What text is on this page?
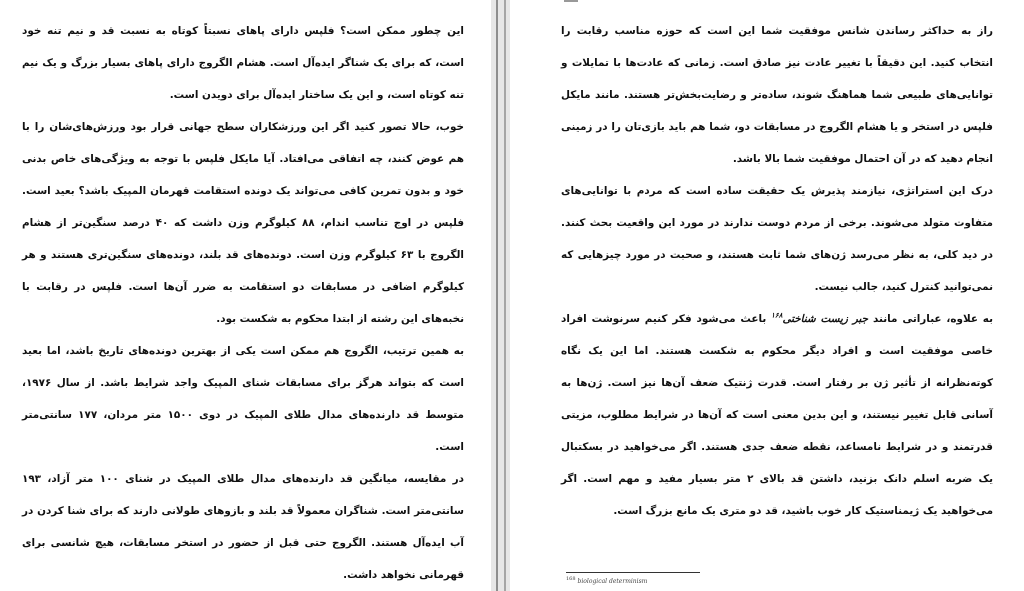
این چطور ممکن است؟ فلپس دارای پاهای نسبتاً کوتاه به نسبت قد و نیم تنه خود است، که برای یک شناگر ایده‌آل است. هشام الگروج دارای پاهای بسیار بزرگ و یک نیم تنه کوتاه است، و این یک ساختار ایده‌آل برای دویدن است.
خوب، حالا تصور کنید اگر این ورزشکاران سطح جهانی قرار بود ورزش‌های‌شان را با هم عوض کنند، چه اتفاقی می‌افتاد. آیا مایکل فلپس با توجه به ویژگی‌های خاص بدنی خود و بدون تمرین کافی می‌تواند یک دونده استقامت قهرمان المپیک باشد؟ بعید است. فلپس در اوج تناسب اندام، ۸۸ کیلوگرم وزن داشت که ۴۰ درصد سنگین‌تر از هشام الگروج با ۶۳ کیلوگرم وزن است. دونده‌های قد بلند، دونده‌های سنگین‌تری هستند و هر کیلوگرم اضافی در مسابقات دو استقامت به ضرر آن‌ها است. فلپس در رقابت با نخبه‌های این رشته از ابتدا محکوم به شکست بود.
به همین ترتیب، الگروج هم ممکن است یکی از بهترین دونده‌های تاریخ باشد، اما بعید است که بتواند هرگز برای مسابقات شنای المپیک واجد شرایط باشد. از سال ۱۹۷۶، متوسط قد دارنده‌های مدال طلای المپیک در دوی ۱۵۰۰ متر مردان، ۱۷۷ سانتی‌متر است.
در مقایسه، میانگین قد دارنده‌های مدال طلای المپیک در شنای ۱۰۰ متر آزاد، ۱۹۳ سانتی‌متر است. شناگران معمولاً قد بلند و بازوهای طولانی دارند که برای شنا کردن در آب ایده‌آل هستند. الگروج حتی قبل از حضور در استخر مسابقات، هیچ شانسی برای قهرمانی نخواهد داشت.
راز به حداکثر رساندن شانس موفقیت شما این است که حوزه مناسب رقابت را انتخاب کنید. این دقیقاً با تغییر عادت نیز صادق است. زمانی که عادت‌ها با تمایلات و توانایی‌های طبیعی شما هماهنگ شوند، ساده‌تر و رضایت‌بخش‌تر هستند. مانند مایکل فلپس در استخر و یا هشام الگروج در مسابقات دو، شما هم باید بازی‌تان را در زمینی انجام دهید که در آن احتمال موفقیت شما بالا باشد.
درک این استراتژی، نیازمند پذیرش یک حقیقت ساده است که مردم با توانایی‌های متفاوت متولد می‌شوند. برخی از مردم دوست ندارند در مورد این واقعیت بحث کنند. در دید کلی، به نظر می‌رسد ژن‌های شما ثابت هستند، و صحبت در مورد چیزهایی که نمی‌توانید کنترل کنید، جالب نیست.
به علاوه، عباراتی مانند جبر زیست شناختی$^{۱۶۸}$ باعث می‌شود فکر کنیم سرنوشت افراد خاصی موفقیت است و افراد دیگر محکوم به شکست هستند. اما این یک نگاه کوته‌نظرانه از تأثیر ژن بر رفتار است. قدرت ژنتیک ضعف آن‌ها نیز است. ژن‌ها به آسانی قابل تغییر نیستند، و این بدین معنی است که آن‌ها در شرایط مطلوب، مزیتی قدرتمند و در شرایط نامساعد، نقطه ضعف جدی هستند. اگر می‌خواهید در بسکتبال یک ضربه اسلم دانک بزنید، داشتن قد بالای ۲ متر بسیار مفید و مهم است. اگر می‌خواهید یک ژیمناستیک کار خوب باشید، قد دو متری یک مانع بزرگ است.
$^{168}$ biological determinism
